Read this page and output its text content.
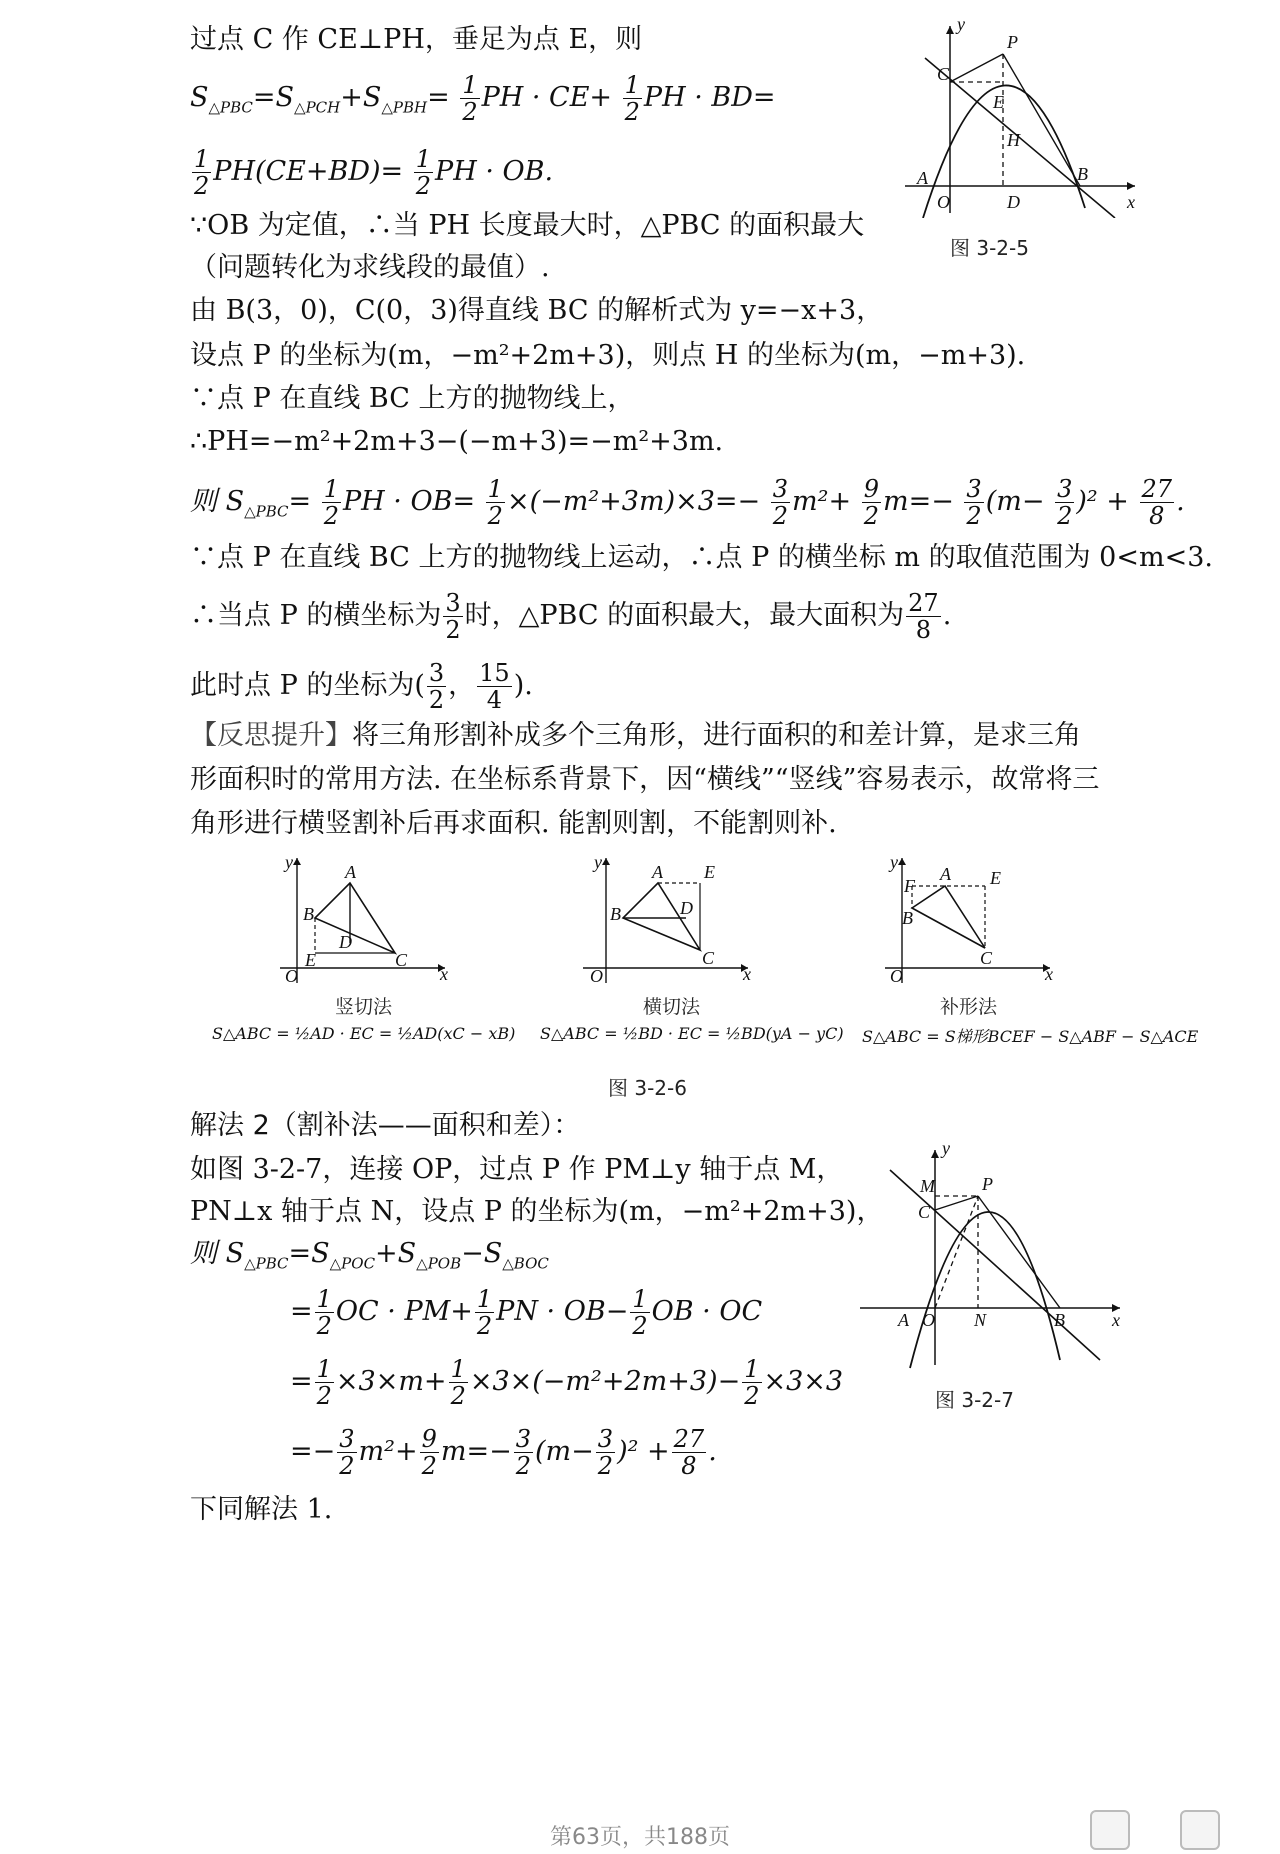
过点 C 作 CE⊥PH，垂足为点 E，则
$S_{\triangle PBC}=S_{\triangle PCH}+S_{\triangle PBH}= \frac{1}{2}$ PH · $CE+ \frac{1}{2}$ PH · BD=
$\frac{1}{2} PH(CE+BD)= \frac{1}{2}$ PH · OB.
∵OB 为定值，∴当 PH 长度最大时，△PBC 的面积最大
（问题转化为求线段的最值）.
由 B(3，0)，C(0，3)得直线 BC 的解析式为 y=−x+3，
设点 P 的坐标为(m，−m²+2m+3)，则点 H 的坐标为(m，−m+3).
∵点 P 在直线 BC 上方的抛物线上，
∴PH=−m²+2m+3−(−m+3)=−m²+3m.
则 $S_{\triangle PBC}= \frac{1}{2}$ PH · $OB= \frac{1}{2} \times(-m^2+3m)\times 3=- \frac{3}{2} m^2+ \frac{9}{2} m=- \frac{3}{2} (m- \frac{3}{2} )^2 + \frac{27}{8}$ .
∵点 P 在直线 BC 上方的抛物线上运动，∴点 P 的横坐标 m 的取值范围为 0<m<3.
∴当点 P 的横坐标为 $\frac{3}{2}$ 时，△PBC 的面积最大，最大面积为 $\frac{27}{8}$ .
此时点 P 的坐标为( $\frac{3}{2}$ ， $\frac{15}{4}$ ).
【反思提升】将三角形割补成多个三角形，进行面积的和差计算，是求三角
形面积时的常用方法. 在坐标系背景下，因“横线”“竖线”容易表示，故常将三
角形进行横竖割补后再求面积. 能割则割，不能割则补.
C
P
E
H
D
B
A
O	x
y
图 3-2-5
A
B
D
E	C
O	x
y	A
B	D
E
C
O	x
y
F
A E
B
C
O	x
y
竖切法	横切法	补形法
S△ABC = ½AD · EC = ½AD(xC − xB) S△ABC = ½BD · EC = ½BD(yA − yC) S△ABC = S梯形BCEF − S△ABF − S△ACE
图 3-2-6
解法 2（割补法——面积和差）：
如图 3-2-7，连接 OP，过点 P 作 PM⊥y 轴于点 M，
PN⊥x 轴于点 N，设点 P 的坐标为(m，−m²+2m+3)，
则 $S_{\triangle PBC}=S_{\triangle POC}+S_{\triangle POB}-S_{\triangle BOC}$
= $\frac{1}{2}$ OC · $PM+ \frac{1}{2}$ PN · $OB- \frac{1}{2}$ OB · OC
= $\frac{1}{2} \times 3\times m+ \frac{1}{2} \times 3\times(-m^2+2m+3)- \frac{1}{2} \times 3\times 3$
=− $\frac{3}{2} m^2+ \frac{9}{2} m=- \frac{3}{2} (m- \frac{3}{2} )^2 + \frac{27}{8}$ .
下同解法 1.
M	P
C
A O N	B	x
y
图 3-2-7
第63页，共188页
